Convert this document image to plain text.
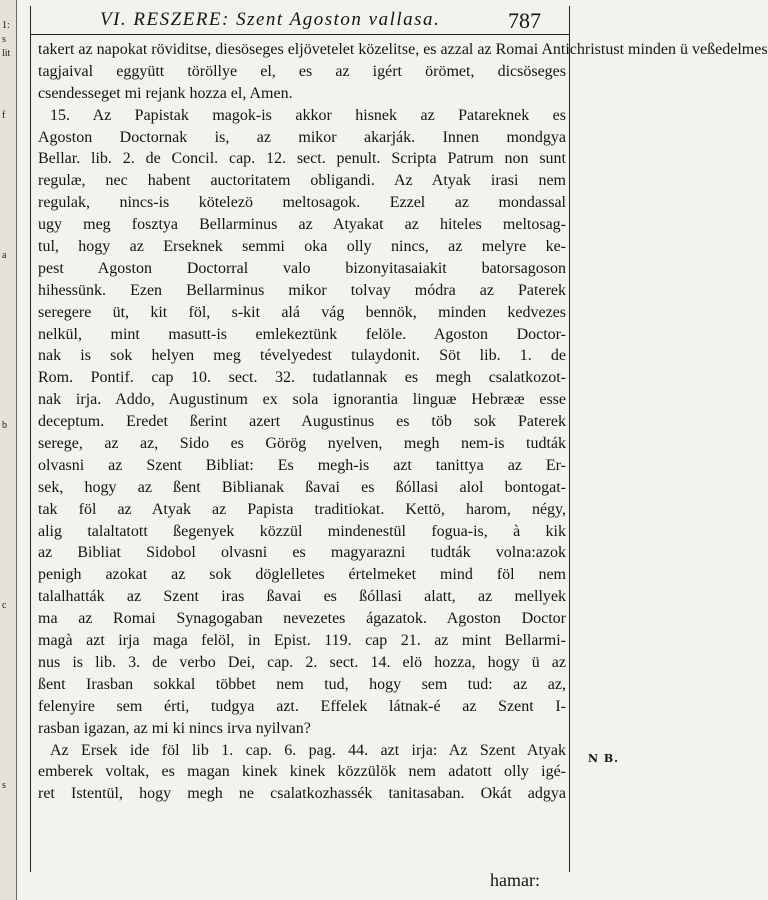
1:
s
lit
f
a
b
c
s
VI. RESZERE: Szent Agoston vallasa.	787
takert az napokat röviditse, diesöseges eljövetelet közelitse, es azzal az Romai Antichristust minden ü veßedelmes
tagjaival eggyütt töröllye el, es az igért örömet, dicsöseges
csendesseget mi rejank hozza el, Amen.
15. Az Papistak magok-is akkor hisnek az Patareknek es
Agoston Doctornak is, az mikor akarják. Innen mondgya
Bellar. lib. 2. de Concil. cap. 12. sect. penult. Scripta Patrum non sunt
regulæ, nec habent auctoritatem obligandi. Az Atyak irasi nem
regulak, nincs-is kötelezö meltosagok. Ezzel az mondassal
ugy meg fosztya Bellarminus az Atyakat az hiteles meltosag-
tul, hogy az Erseknek semmi oka olly nincs, az melyre ke-
pest Agoston Doctorral valo bizonyitasaiakit batorsagoson
hihessünk. Ezen Bellarminus mikor tolvay módra az Paterek
seregere üt, kit föl, s-kit alá vág bennök, minden kedvezes
nelkül, mint masutt-is emlekeztünk felöle. Agoston Doctor-
nak is sok helyen meg tévelyedest tulaydonit. Söt lib. 1. de
Rom. Pontif. cap 10. sect. 32. tudatlannak es megh csalatkozot-
nak irja. Addo, Augustinum ex sola ignorantia linguæ Hebrææ esse
deceptum. Eredet ßerint azert Augustinus es töb sok Paterek
serege, az az, Sido es Görög nyelven, megh nem-is tudták
olvasni az Szent Bibliat: Es megh-is azt tanittya az Er-
sek, hogy az ßent Biblianak ßavai es ßóllasi alol bontogat-
tak föl az Atyak az Papista traditiokat. Kettö, harom, négy,
alig talaltatott ßegenyek közzül mindenestül fogua-is, à kik
az Bibliat Sidobol olvasni es magyarazni tudták volna:azok
penigh azokat az sok döglelletes értelmeket mind föl nem
talalhatták az Szent iras ßavai es ßóllasi alatt, az mellyek
ma az Romai Synagogaban nevezetes ágazatok. Agoston Doctor
magà azt irja maga felöl, in Epist. 119. cap 21. az mint Bellarmi-
nus is lib. 3. de verbo Dei, cap. 2. sect. 14. elö hozza, hogy ü az
ßent Irasban sokkal többet nem tud, hogy sem tud: az az,
felenyire sem érti, tudgya azt. Effelek látnak-é az Szent I-
rasban igazan, az mi ki nincs irva nyilvan?
Az Ersek ide föl lib 1. cap. 6. pag. 44. azt irja: Az Szent Atyak
emberek voltak, es magan kinek kinek közzülök nem adatott olly igé-
ret Istentül, hogy megh ne csalatkozhassék tanitasaban. Okát adgya
N B.
hamar:
